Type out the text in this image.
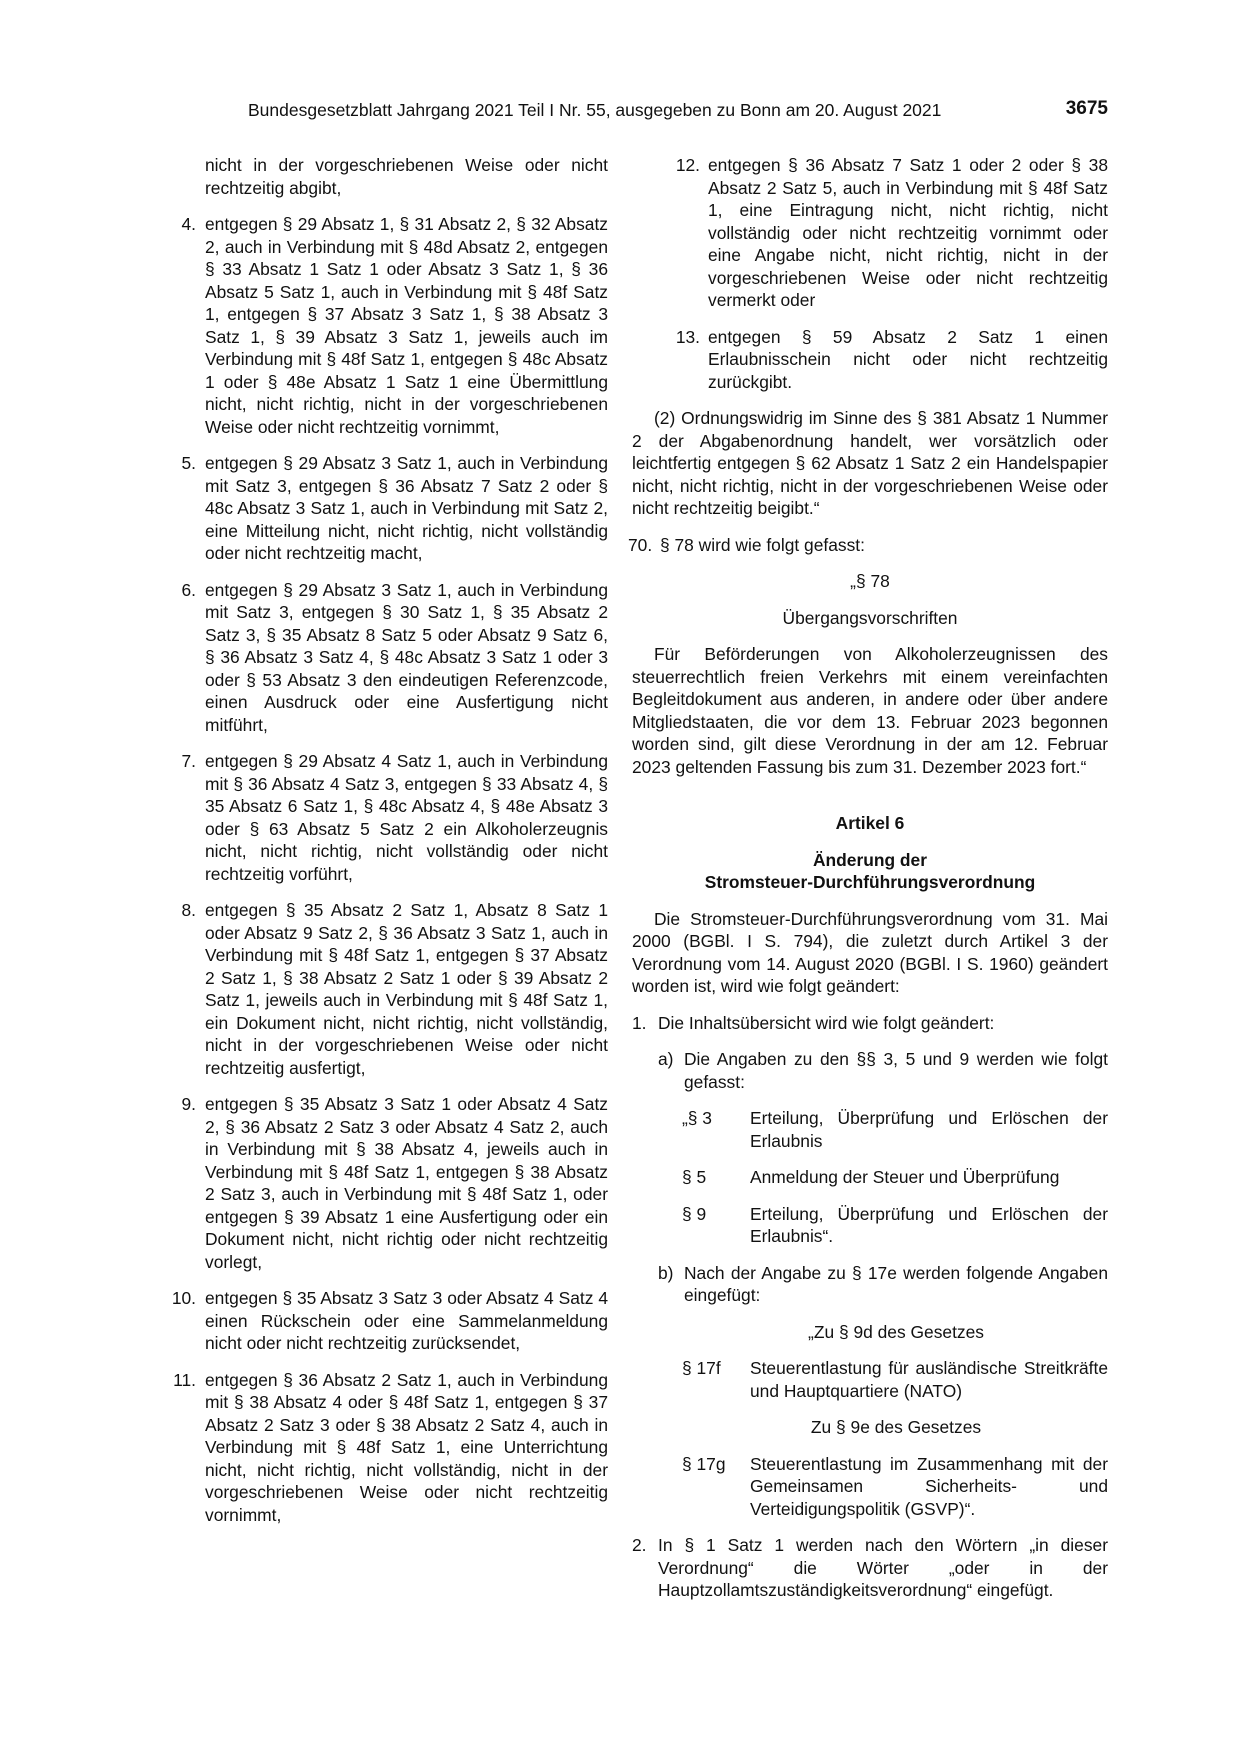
Bundesgesetzblatt Jahrgang 2021 Teil I Nr. 55, ausgegeben zu Bonn am 20. August 2021	3675

nicht in der vorgeschriebenen Weise oder nicht rechtzeitig abgibt,

4. entgegen § 29 Absatz 1, § 31 Absatz 2, § 32 Absatz 2, auch in Verbindung mit § 48d Absatz 2, entgegen § 33 Absatz 1 Satz 1 oder Absatz 3 Satz 1, § 36 Absatz 5 Satz 1, auch in Verbindung mit § 48f Satz 1, entgegen § 37 Absatz 3 Satz 1, § 38 Absatz 3 Satz 1, § 39 Absatz 3 Satz 1, jeweils auch im Verbindung mit § 48f Satz 1, entgegen § 48c Absatz 1 oder § 48e Absatz 1 Satz 1 eine Übermittlung nicht, nicht richtig, nicht in der vorgeschriebenen Weise oder nicht rechtzeitig vornimmt,
5. entgegen § 29 Absatz 3 Satz 1, auch in Verbindung mit Satz 3, entgegen § 36 Absatz 7 Satz 2 oder § 48c Absatz 3 Satz 1, auch in Verbindung mit Satz 2, eine Mitteilung nicht, nicht richtig, nicht vollständig oder nicht rechtzeitig macht,
6. entgegen § 29 Absatz 3 Satz 1, auch in Verbindung mit Satz 3, entgegen § 30 Satz 1, § 35 Absatz 2 Satz 3, § 35 Absatz 8 Satz 5 oder Absatz 9 Satz 6, § 36 Absatz 3 Satz 4, § 48c Absatz 3 Satz 1 oder 3 oder § 53 Absatz 3 den eindeutigen Referenzcode, einen Ausdruck oder eine Ausfertigung nicht mitführt,
7. entgegen § 29 Absatz 4 Satz 1, auch in Verbindung mit § 36 Absatz 4 Satz 3, entgegen § 33 Absatz 4, § 35 Absatz 6 Satz 1, § 48c Absatz 4, § 48e Absatz 3 oder § 63 Absatz 5 Satz 2 ein Alkoholerzeugnis nicht, nicht richtig, nicht vollständig oder nicht rechtzeitig vorführt,
8. entgegen § 35 Absatz 2 Satz 1, Absatz 8 Satz 1 oder Absatz 9 Satz 2, § 36 Absatz 3 Satz 1, auch in Verbindung mit § 48f Satz 1, entgegen § 37 Absatz 2 Satz 1, § 38 Absatz 2 Satz 1 oder § 39 Absatz 2 Satz 1, jeweils auch in Verbindung mit § 48f Satz 1, ein Dokument nicht, nicht richtig, nicht vollständig, nicht in der vorgeschriebenen Weise oder nicht rechtzeitig ausfertigt,
9. entgegen § 35 Absatz 3 Satz 1 oder Absatz 4 Satz 2, § 36 Absatz 2 Satz 3 oder Absatz 4 Satz 2, auch in Verbindung mit § 38 Absatz 4, jeweils auch in Verbindung mit § 48f Satz 1, entgegen § 38 Absatz 2 Satz 3, auch in Verbindung mit § 48f Satz 1, oder entgegen § 39 Absatz 1 eine Ausfertigung oder ein Dokument nicht, nicht richtig oder nicht rechtzeitig vorlegt,
10. entgegen § 35 Absatz 3 Satz 3 oder Absatz 4 Satz 4 einen Rückschein oder eine Sammelanmeldung nicht oder nicht rechtzeitig zurücksendet,
11. entgegen § 36 Absatz 2 Satz 1, auch in Verbindung mit § 38 Absatz 4 oder § 48f Satz 1, entgegen § 37 Absatz 2 Satz 3 oder § 38 Absatz 2 Satz 4, auch in Verbindung mit § 48f Satz 1, eine Unterrichtung nicht, nicht richtig, nicht vollständig, nicht in der vorgeschriebenen Weise oder nicht rechtzeitig vornimmt,
12. entgegen § 36 Absatz 7 Satz 1 oder 2 oder § 38 Absatz 2 Satz 5, auch in Verbindung mit § 48f Satz 1, eine Eintragung nicht, nicht richtig, nicht vollständig oder nicht rechtzeitig vornimmt oder eine Angabe nicht, nicht richtig, nicht in der vorgeschriebenen Weise oder nicht rechtzeitig vermerkt oder
13. entgegen § 59 Absatz 2 Satz 1 einen Erlaubnisschein nicht oder nicht rechtzeitig zurückgibt.

(2) Ordnungswidrig im Sinne des § 381 Absatz 1 Nummer 2 der Abgabenordnung handelt, wer vorsätzlich oder leichtfertig entgegen § 62 Absatz 1 Satz 2 ein Handelspapier nicht, nicht richtig, nicht in der vorgeschriebenen Weise oder nicht rechtzeitig beigibt.“

70. § 78 wird wie folgt gefasst:

„§ 78

Übergangsvorschriften

Für Beförderungen von Alkoholerzeugnissen des steuerrechtlich freien Verkehrs mit einem vereinfachten Begleitdokument aus anderen, in andere oder über andere Mitgliedstaaten, die vor dem 13. Februar 2023 begonnen worden sind, gilt diese Verordnung in der am 12. Februar 2023 geltenden Fassung bis zum 31. Dezember 2023 fort.“

Artikel 6

Änderung der

Stromsteuer-Durchführungsverordnung

Die Stromsteuer-Durchführungsverordnung vom 31. Mai 2000 (BGBl. I S. 794), die zuletzt durch Artikel 3 der Verordnung vom 14. August 2020 (BGBl. I S. 1960) geändert worden ist, wird wie folgt geändert:

1. Die Inhaltsübersicht wird wie folgt geändert:
a) Die Angaben zu den §§ 3, 5 und 9 werden wie folgt gefasst:
„§ 3	Erteilung, Überprüfung und Erlöschen der Erlaubnis
§ 5	Anmeldung der Steuer und Überprüfung
§ 9	Erteilung, Überprüfung und Erlöschen der Erlaubnis“.
b) Nach der Angabe zu § 17e werden folgende Angaben eingefügt:

„Zu § 9d des Gesetzes

§ 17f	Steuerentlastung für ausländische Streitkräfte und Hauptquartiere (NATO)

Zu § 9e des Gesetzes

§ 17g	Steuerentlastung im Zusammenhang mit der Gemeinsamen Sicherheits- und Verteidigungspolitik (GSVP)“.
2. In § 1 Satz 1 werden nach den Wörtern „in dieser Verordnung“ die Wörter „oder in der Hauptzollamtszuständigkeitsverordnung“ eingefügt.
